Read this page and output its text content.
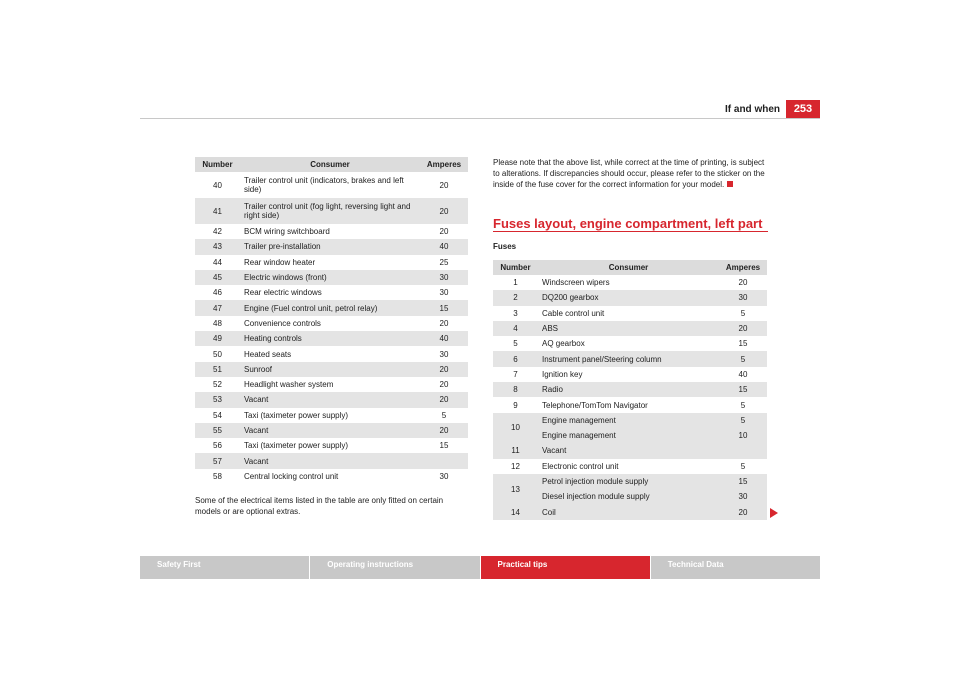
If and when	253
Number	Consumer	Amperes
40	Trailer control unit (indicators, brakes and left side)	20
41	Trailer control unit (fog light, reversing light and right side)	20
42	BCM wiring switchboard	20
43	Trailer pre-installation	40
44	Rear window heater	25
45	Electric windows (front)	30
46	Rear electric windows	30
47	Engine (Fuel control unit, petrol relay)	15
48	Convenience controls	20
49	Heating controls	40
50	Heated seats	30
51	Sunroof	20
52	Headlight washer system	20
53	Vacant	20
54	Taxi (taximeter power supply)	5
55	Vacant	20
56	Taxi (taximeter power supply)	15
57	Vacant	
58	Central locking control unit	30
Some of the electrical items listed in the table are only fitted on certain models or are optional extras.
Please note that the above list, while correct at the time of printing, is subject to alterations. If discrepancies should occur, please refer to the sticker on the inside of the fuse cover for the correct information for your model.
Fuses layout, engine compartment, left part
Fuses
Number	Consumer	Amperes
1	Windscreen wipers	20
2	DQ200 gearbox	30
3	Cable control unit	5
4	ABS	20
5	AQ gearbox	15
6	Instrument panel/Steering column	5
7	Ignition key	40
8	Radio	15
9	Telephone/TomTom Navigator	5
10	Engine management	5
	Engine management	10
11	Vacant	
12	Electronic control unit	5
13	Petrol injection module supply	15
	Diesel injection module supply	30
14	Coil	20
Safety First	Operating instructions	Practical tips	Technical Data
